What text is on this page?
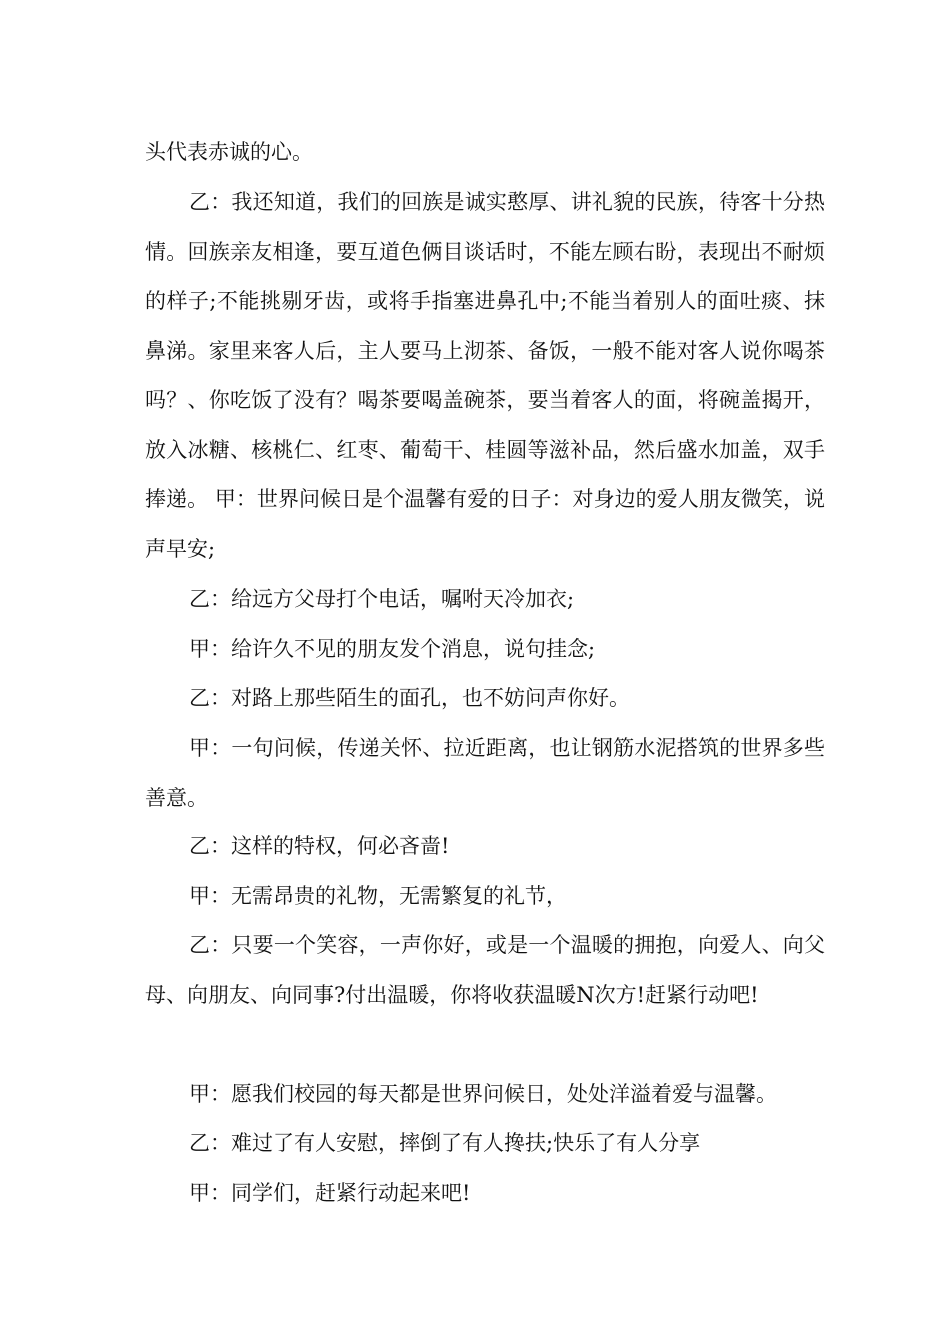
头代表赤诚的心。

乙：我还知道，我们的回族是诚实憨厚、讲礼貌的民族，待客十分热情。回族亲友相逢，要互道色俩目谈话时，不能左顾右盼，表现出不耐烦的样子;不能挑剔牙齿，或将手指塞进鼻孔中;不能当着别人的面吐痰、抹鼻涕。家里来客人后，主人要马上沏茶、备饭，一般不能对客人说你喝茶吗？、你吃饭了没有？喝茶要喝盖碗茶，要当着客人的面，将碗盖揭开，放入冰糖、核桃仁、红枣、葡萄干、桂圆等滋补品，然后盛水加盖，双手捧递。 甲：世界问候日是个温馨有爱的日子：对身边的爱人朋友微笑，说声早安;

乙：给远方父母打个电话，嘱咐天冷加衣;

甲：给许久不见的朋友发个消息，说句挂念;

乙：对路上那些陌生的面孔，也不妨问声你好。

甲：一句问候，传递关怀、拉近距离，也让钢筋水泥搭筑的世界多些善意。

乙：这样的特权，何必吝啬!

甲：无需昂贵的礼物，无需繁复的礼节，

乙：只要一个笑容，一声你好，或是一个温暖的拥抱，向爱人、向父母、向朋友、向同事?付出温暖，你将收获温暖N次方!赶紧行动吧!

甲：愿我们校园的每天都是世界问候日，处处洋溢着爱与温馨。

乙：难过了有人安慰，摔倒了有人搀扶;快乐了有人分享

甲：同学们，赶紧行动起来吧!
